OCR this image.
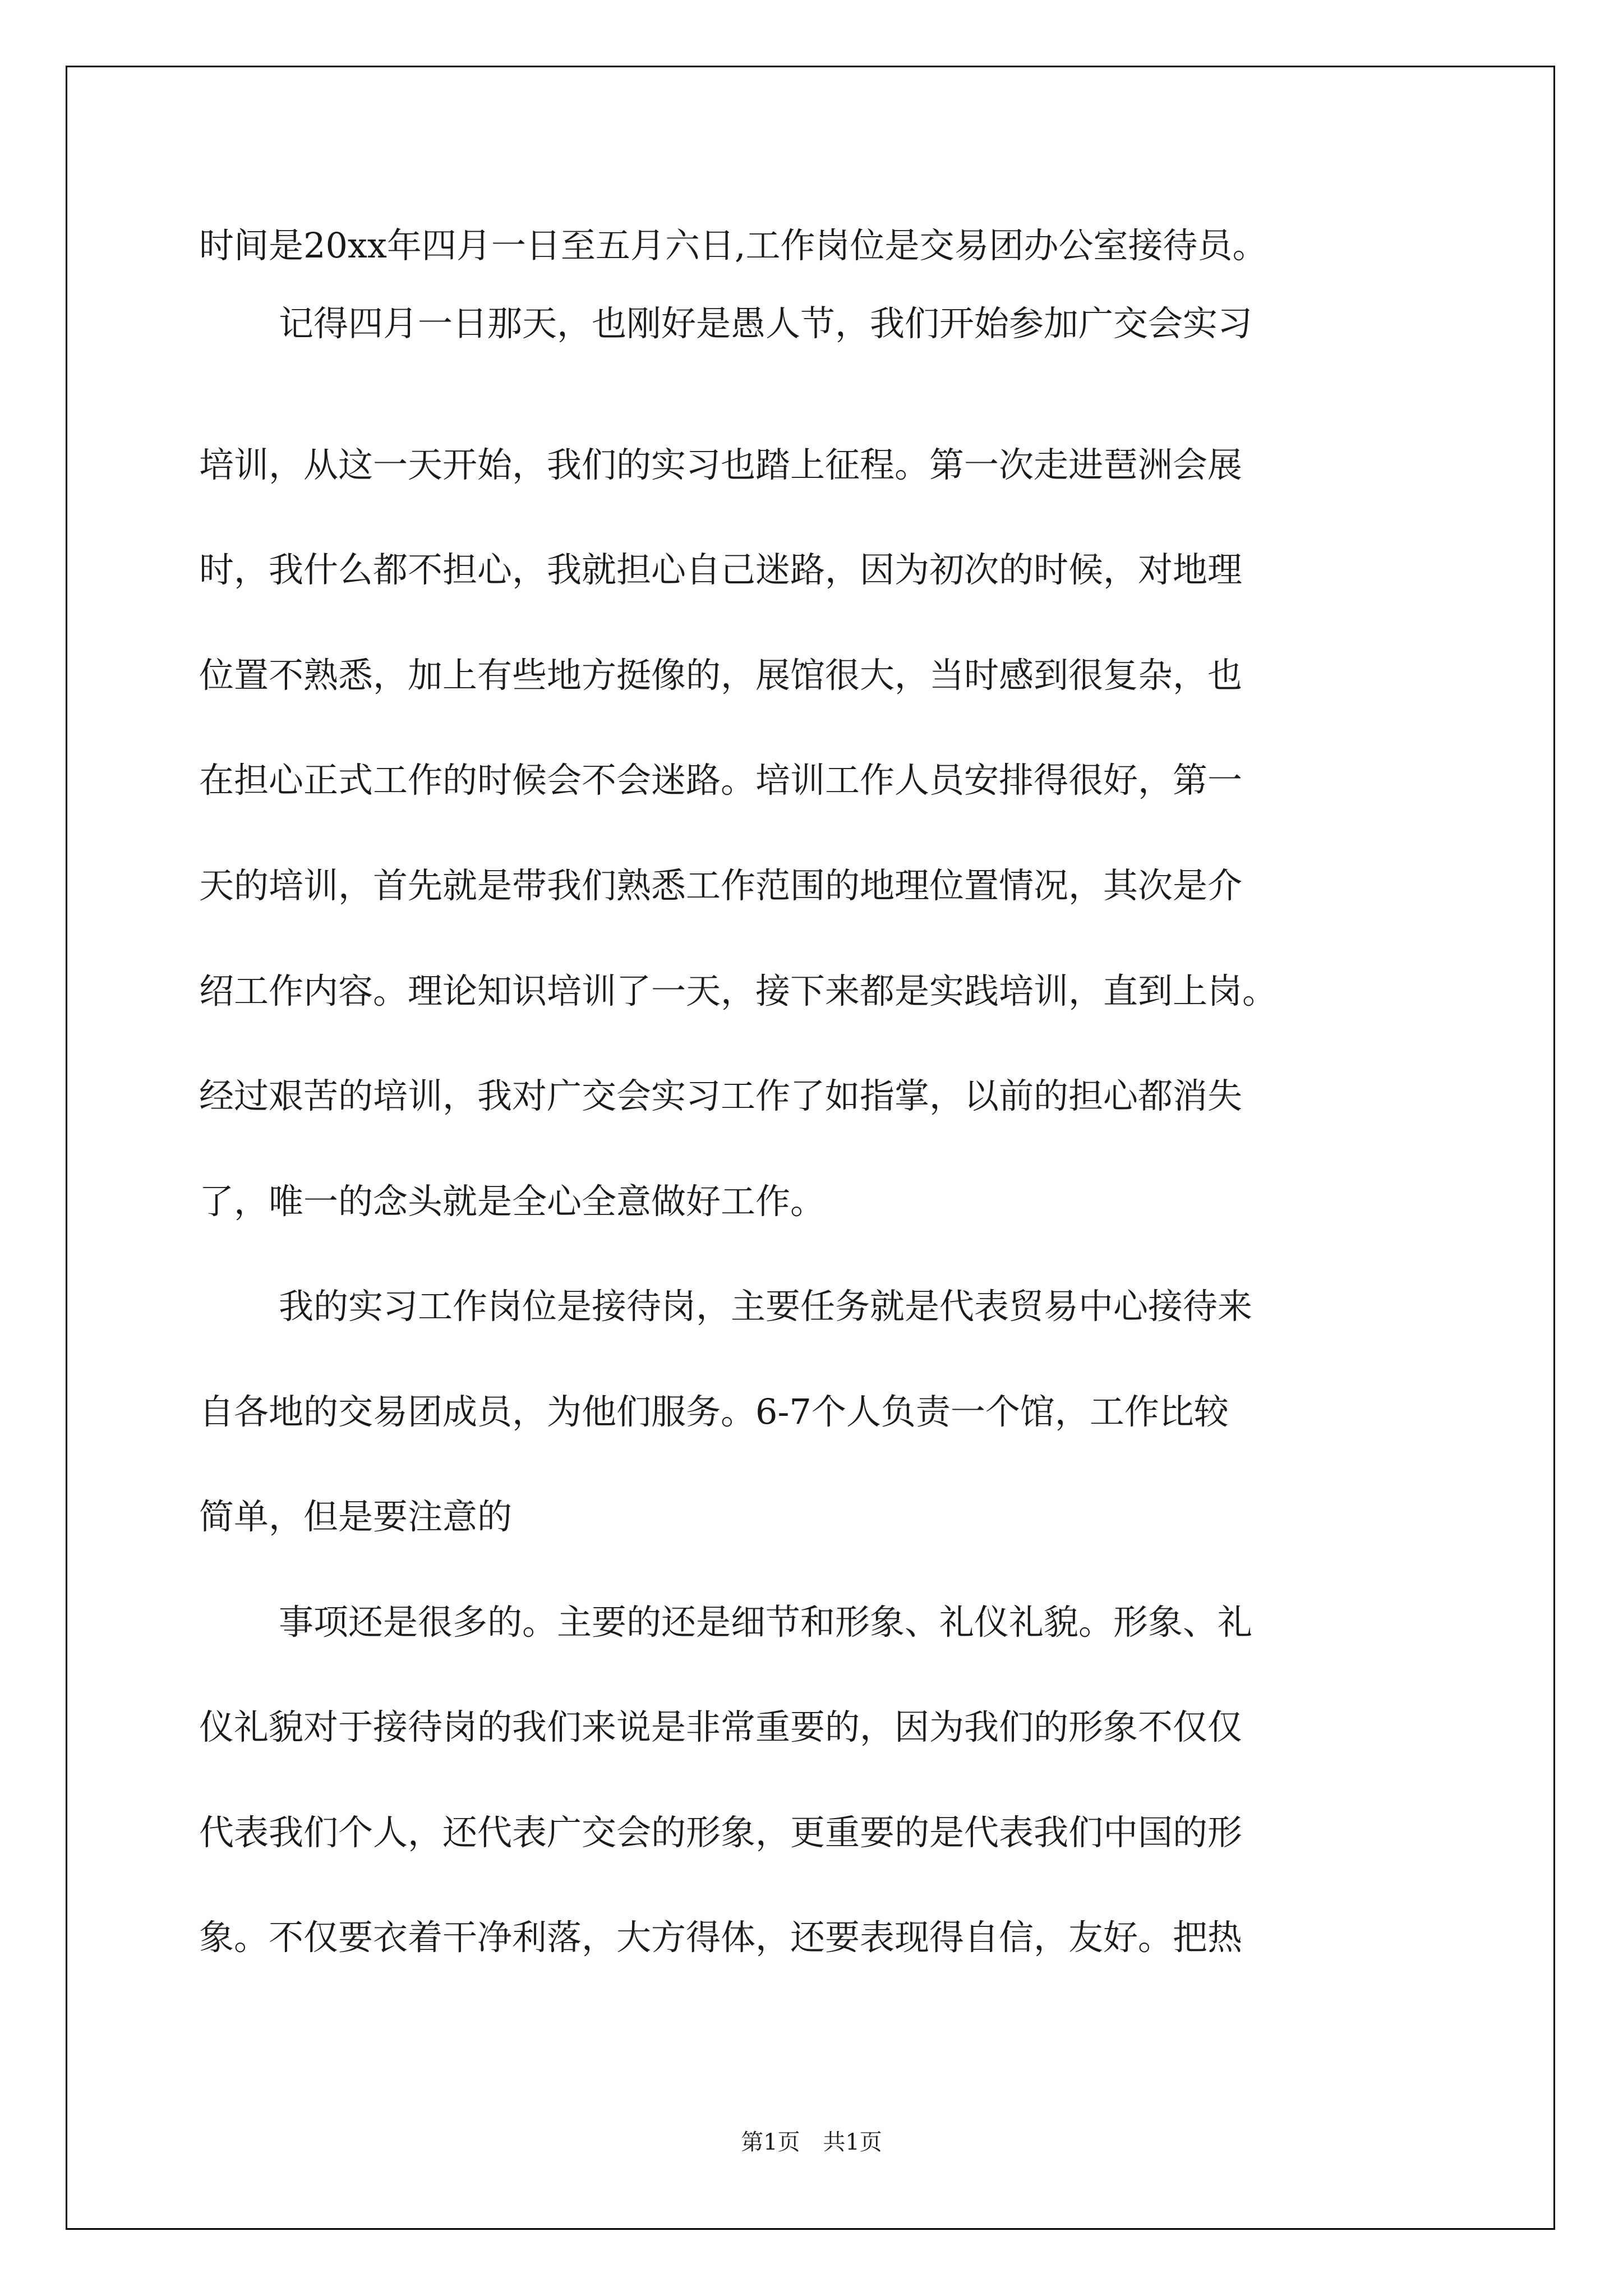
时间是20xx年四月一日至五月六日,工作岗位是交易团办公室接待员。
记得四月一日那天，也刚好是愚人节，我们开始参加广交会实习
培训，从这一天开始，我们的实习也踏上征程。第一次走进琶洲会展
时，我什么都不担心，我就担心自己迷路，因为初次的时候，对地理
位置不熟悉，加上有些地方挺像的，展馆很大，当时感到很复杂，也
在担心正式工作的时候会不会迷路。培训工作人员安排得很好，第一
天的培训，首先就是带我们熟悉工作范围的地理位置情况，其次是介
绍工作内容。理论知识培训了一天，接下来都是实践培训，直到上岗。
经过艰苦的培训，我对广交会实习工作了如指掌，以前的担心都消失
了，唯一的念头就是全心全意做好工作。
我的实习工作岗位是接待岗，主要任务就是代表贸易中心接待来
自各地的交易团成员，为他们服务。6-7个人负责一个馆，工作比较
简单，但是要注意的
事项还是很多的。主要的还是细节和形象、礼仪礼貌。形象、礼
仪礼貌对于接待岗的我们来说是非常重要的，因为我们的形象不仅仅
代表我们个人，还代表广交会的形象，更重要的是代表我们中国的形
象。不仅要衣着干净利落，大方得体，还要表现得自信，友好。把热
第1页 共1页
